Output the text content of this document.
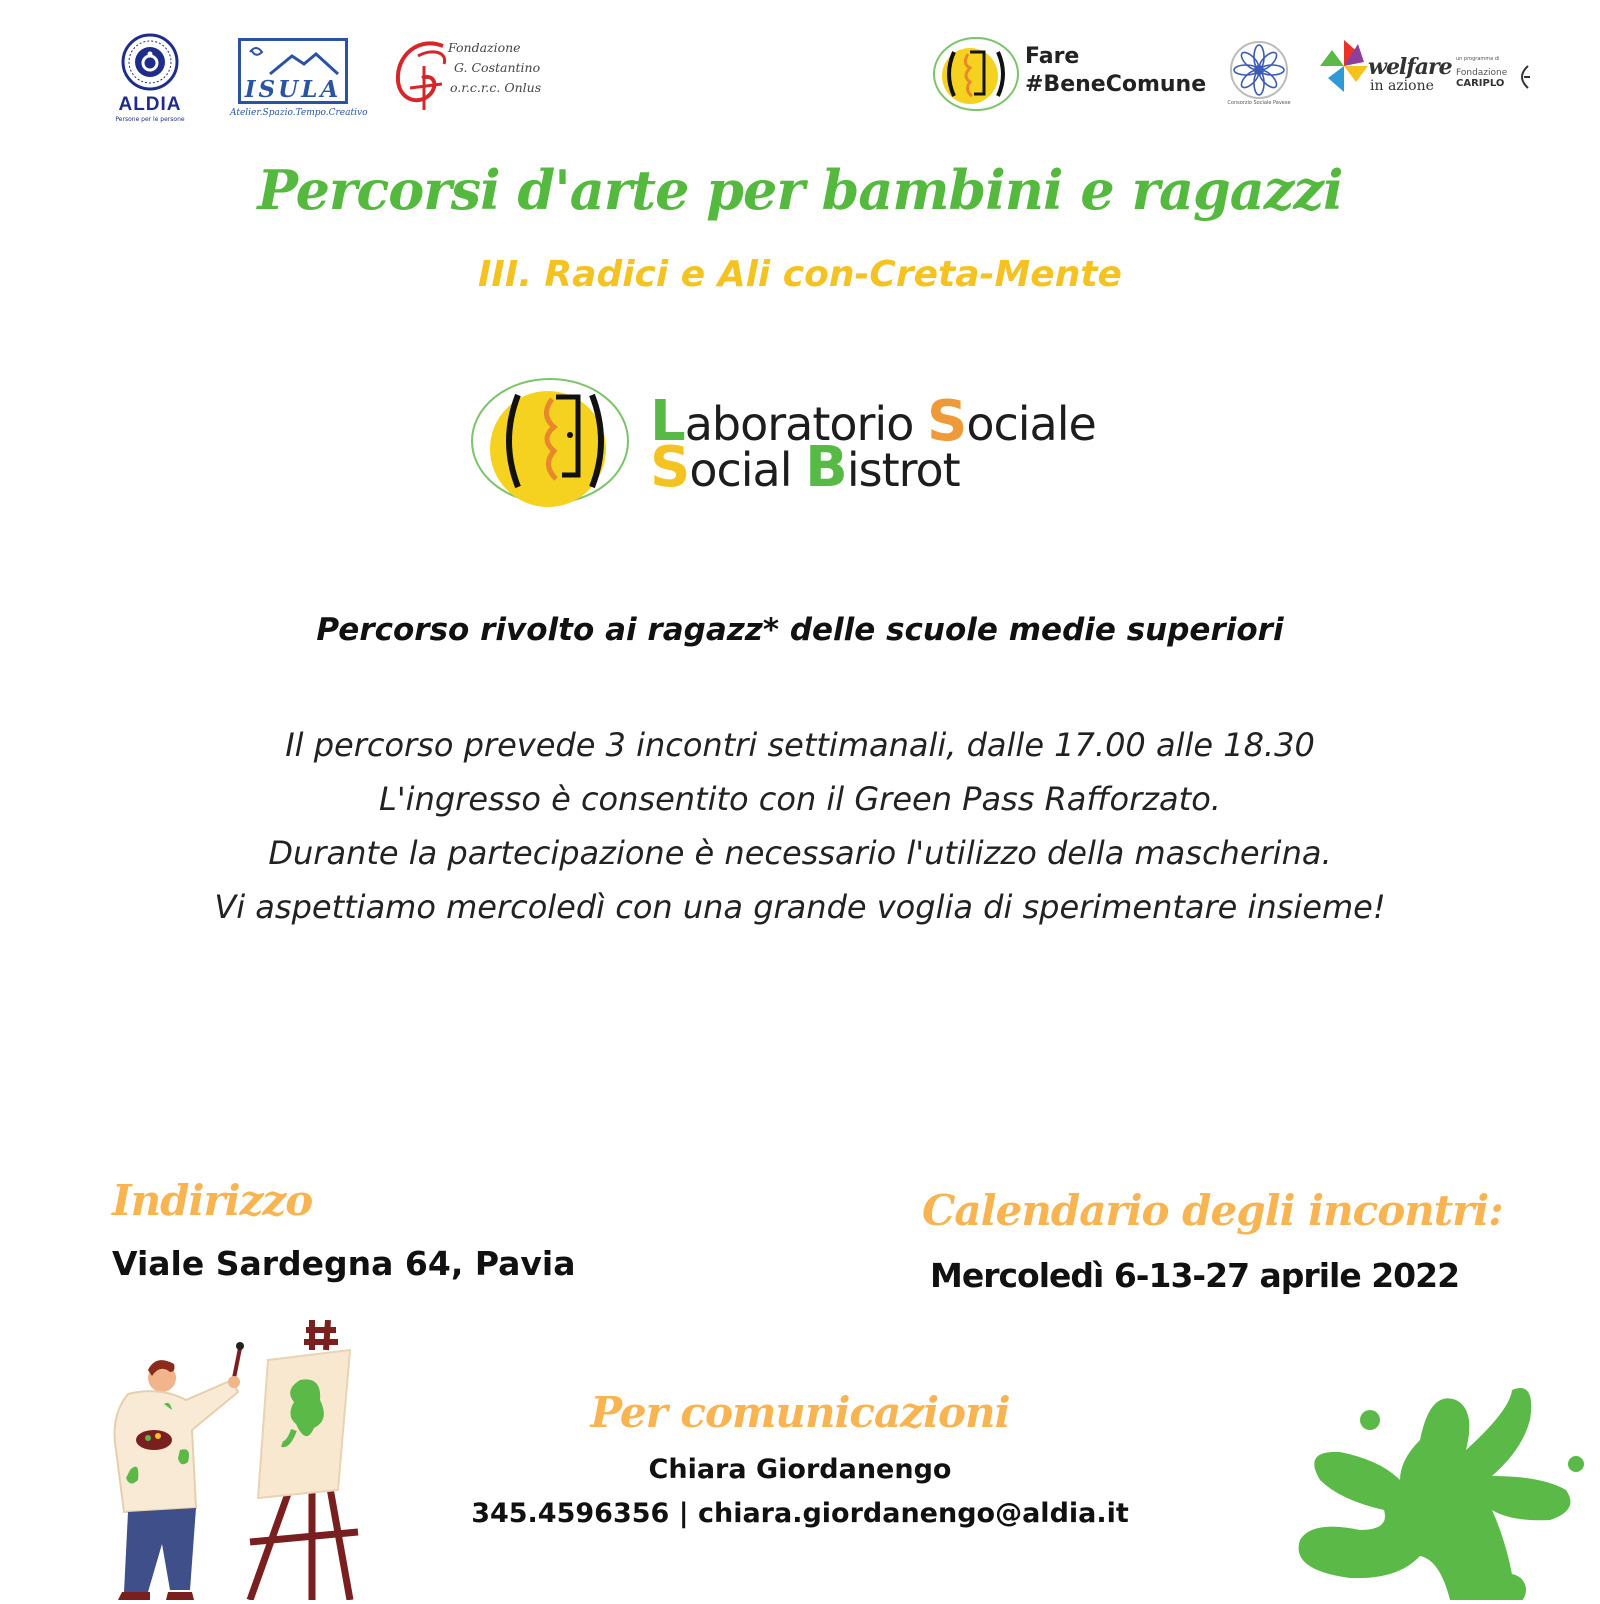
ALDIA
Persone per le persone
ISULA
Atelier.Spazio.Tempo.Creativo
Fondazione
G. Costantino
o.r.c.r.c. Onlus
Fare
#BeneComune
Consorzio Sociale Pavese
welfare
in azione
un programma di
Fondazione
CARIPLO
Percorsi d'arte per bambini e ragazzi
III. Radici e Ali con-Creta-Mente
Laboratorio Sociale
Social Bistrot
Percorso rivolto ai ragazz* delle scuole medie superiori
Il percorso prevede 3 incontri settimanali, dalle 17.00 alle 18.30
L'ingresso è consentito con il Green Pass Rafforzato.
Durante la partecipazione è necessario l'utilizzo della mascherina.
Vi aspettiamo mercoledì con una grande voglia di sperimentare insieme!
Indirizzo
Viale Sardegna 64, Pavia
Calendario degli incontri:
Mercoledì 6-13-27 aprile 2022
Per comunicazioni
Chiara Giordanengo
345.4596356 | chiara.giordanengo@aldia.it
